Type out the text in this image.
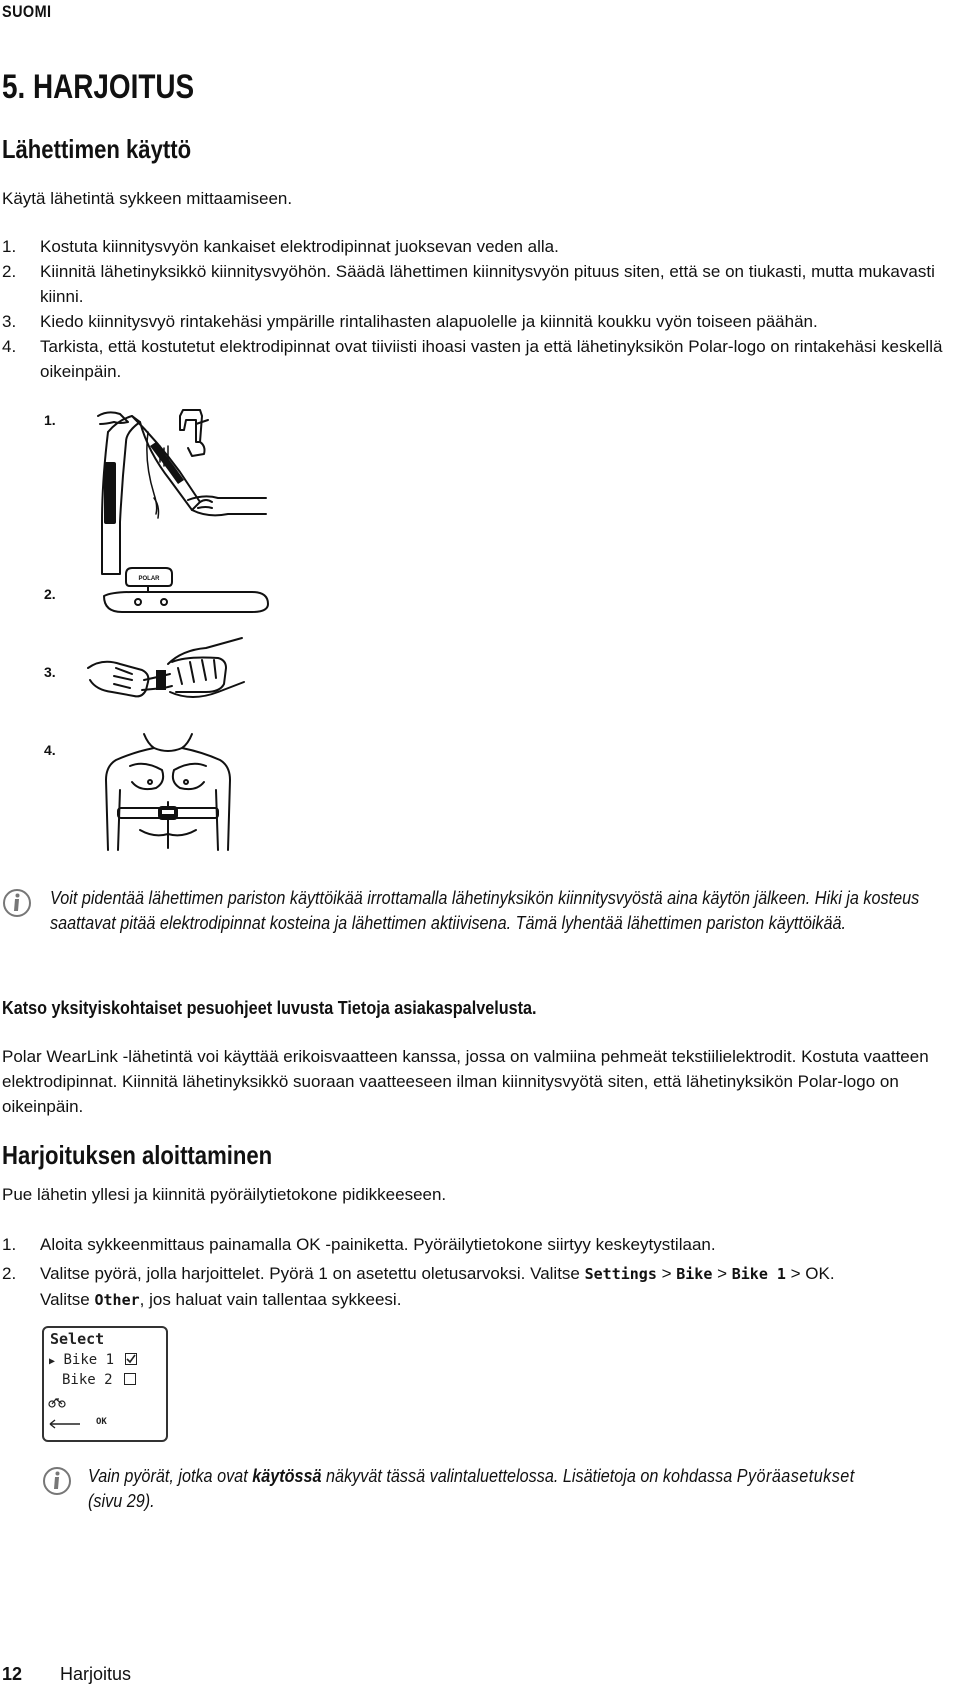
SUOMI
5. HARJOITUS
Lähettimen käyttö
Käytä lähetintä sykkeen mittaamiseen.
1. Kostuta kiinnitysvyön kankaiset elektrodipinnat juoksevan veden alla.
2. Kiinnitä lähetinyksikkö kiinnitysvyöhön. Säädä lähettimen kiinnitysvyön pituus siten, että se on tiukasti, mutta mukavasti kiinni.
3. Kiedo kiinnitysvyö rintakehäsi ympärille rintalihasten alapuolelle ja kiinnitä koukku vyön toiseen päähän.
4. Tarkista, että kostutetut elektrodipinnat ovat tiiviisti ihoasi vasten ja että lähetinyksikön Polar-logo on rintakehäsi keskellä oikeinpäin.
1.
2.
3.
4.
POLAR
Voit pidentää lähettimen pariston käyttöikää irrottamalla lähetinyksikön kiinnitysvyöstä aina käytön jälkeen. Hiki ja kosteus saattavat pitää elektrodipinnat kosteina ja lähettimen aktiivisena. Tämä lyhentää lähettimen pariston käyttöikää.
Katso yksityiskohtaiset pesuohjeet luvusta Tietoja asiakaspalvelusta.
Polar WearLink -lähetintä voi käyttää erikoisvaatteen kanssa, jossa on valmiina pehmeät tekstiilielektrodit. Kostuta vaatteen elektrodipinnat. Kiinnitä lähetinyksikkö suoraan vaatteeseen ilman kiinnitysvyötä siten, että lähetinyksikön Polar-logo on oikeinpäin.
Harjoituksen aloittaminen
Pue lähetin yllesi ja kiinnitä pyöräilytietokone pidikkeeseen.
1. Aloita sykkeenmittaus painamalla OK -painiketta. Pyöräilytietokone siirtyy keskeytystilaan.
2. Valitse pyörä, jolla harjoittelet. Pyörä 1 on asetettu oletusarvoksi. Valitse Settings > Bike > Bike 1 > OK.
Valitse Other, jos haluat vain tallentaa sykkeesi.
Select
▶ Bike 1
Bike 2
OK
Vain pyörät, jotka ovat käytössä näkyvät tässä valintaluettelossa. Lisätietoja on kohdassa Pyöräasetukset
(sivu 29).
12 Harjoitus
